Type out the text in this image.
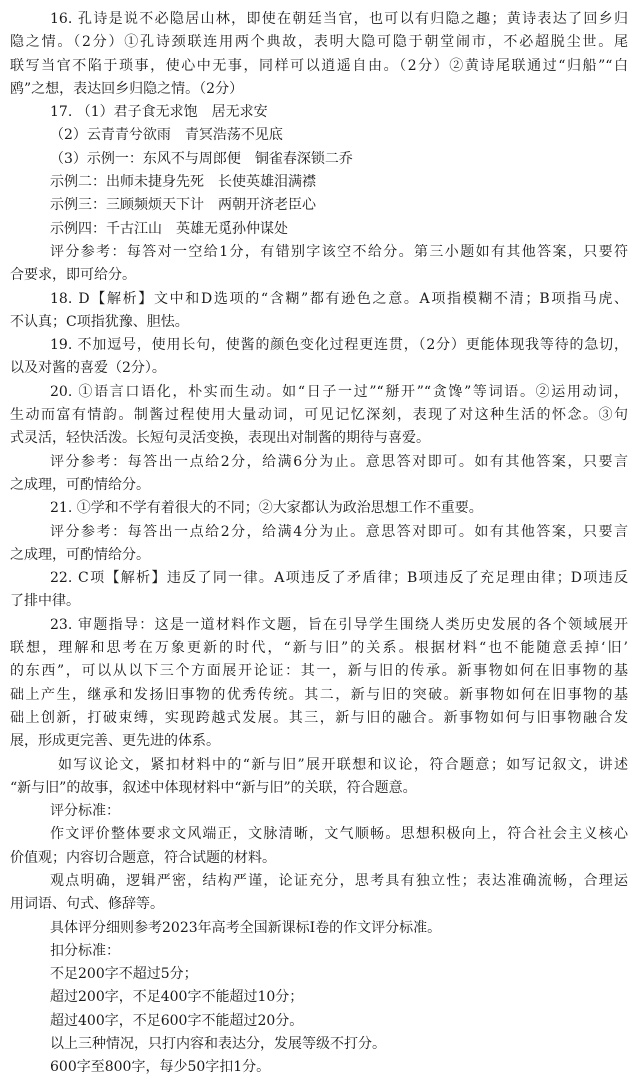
16. 孔诗是说不必隐居山林，即使在朝廷当官，也可以有归隐之趣；黄诗表达了回乡归
隐之情。（2分）①孔诗颈联连用两个典故，表明大隐可隐于朝堂闹市，不必超脱尘世。尾
联写当官不陷于琐事，使心中无事，同样可以逍遥自由。（2分）②黄诗尾联通过“归船”“白
鸥”之想，表达回乡归隐之情。（2分）
17. （1）君子食无求饱　居无求安
（2）云青青兮欲雨　青冥浩荡不见底
（3）示例一：东风不与周郎便　铜雀春深锁二乔
示例二：出师未捷身先死　长使英雄泪满襟
示例三：三顾频烦天下计　两朝开济老臣心
示例四：千古江山　英雄无觅孙仲谋处
评分参考：每答对一空给1分，有错别字该空不给分。第三小题如有其他答案，只要符
合要求，即可给分。
18. D【解析】文中和D选项的“含糊”都有逊色之意。A项指模糊不清；B项指马虎、
不认真；C项指犹豫、胆怯。
19. 不加逗号，使用长句，使酱的颜色变化过程更连贯，（2分）更能体现我等待的急切，
以及对酱的喜爱（2分）。
20. ①语言口语化，朴实而生动。如“日子一过”“掰开”“贪馋”等词语。②运用动词，
生动而富有情韵。制酱过程使用大量动词，可见记忆深刻，表现了对这种生活的怀念。③句
式灵活，轻快活泼。长短句灵活变换，表现出对制酱的期待与喜爱。
评分参考：每答出一点给2分，给满6分为止。意思答对即可。如有其他答案，只要言
之成理，可酌情给分。
21. ①学和不学有着很大的不同；②大家都认为政治思想工作不重要。
评分参考：每答出一点给2分，给满4分为止。意思答对即可。如有其他答案，只要言
之成理，可酌情给分。
22. C项【解析】违反了同一律。A项违反了矛盾律；B项违反了充足理由律；D项违反
了排中律。
23. 审题指导：这是一道材料作文题，旨在引导学生围绕人类历史发展的各个领域展开
联想，理解和思考在万象更新的时代，“新与旧”的关系。根据材料“也不能随意丢掉‘旧’
的东西”，可以从以下三个方面展开论证：其一，新与旧的传承。新事物如何在旧事物的基
础上产生，继承和发扬旧事物的优秀传统。其二，新与旧的突破。新事物如何在旧事物的基
础上创新，打破束缚，实现跨越式发展。其三，新与旧的融合。新事物如何与旧事物融合发
展，形成更完善、更先进的体系。
如写议论文，紧扣材料中的“新与旧”展开联想和议论，符合题意；如写记叙文，讲述
“新与旧”的故事，叙述中体现材料中“新与旧”的关联，符合题意。
评分标准：
作文评价整体要求文风端正，文脉清晰，文气顺畅。思想积极向上，符合社会主义核心
价值观；内容切合题意，符合试题的材料。
观点明确，逻辑严密，结构严谨，论证充分，思考具有独立性；表达准确流畅，合理运
用词语、句式、修辞等。
具体评分细则参考2023年高考全国新课标Ⅰ卷的作文评分标准。
扣分标准：
不足200字不超过5分；
超过200字，不足400字不能超过10分；
超过400字，不足600字不能超过20分。
以上三种情况，只打内容和表达分，发展等级不打分。
600字至800字，每少50字扣1分。
